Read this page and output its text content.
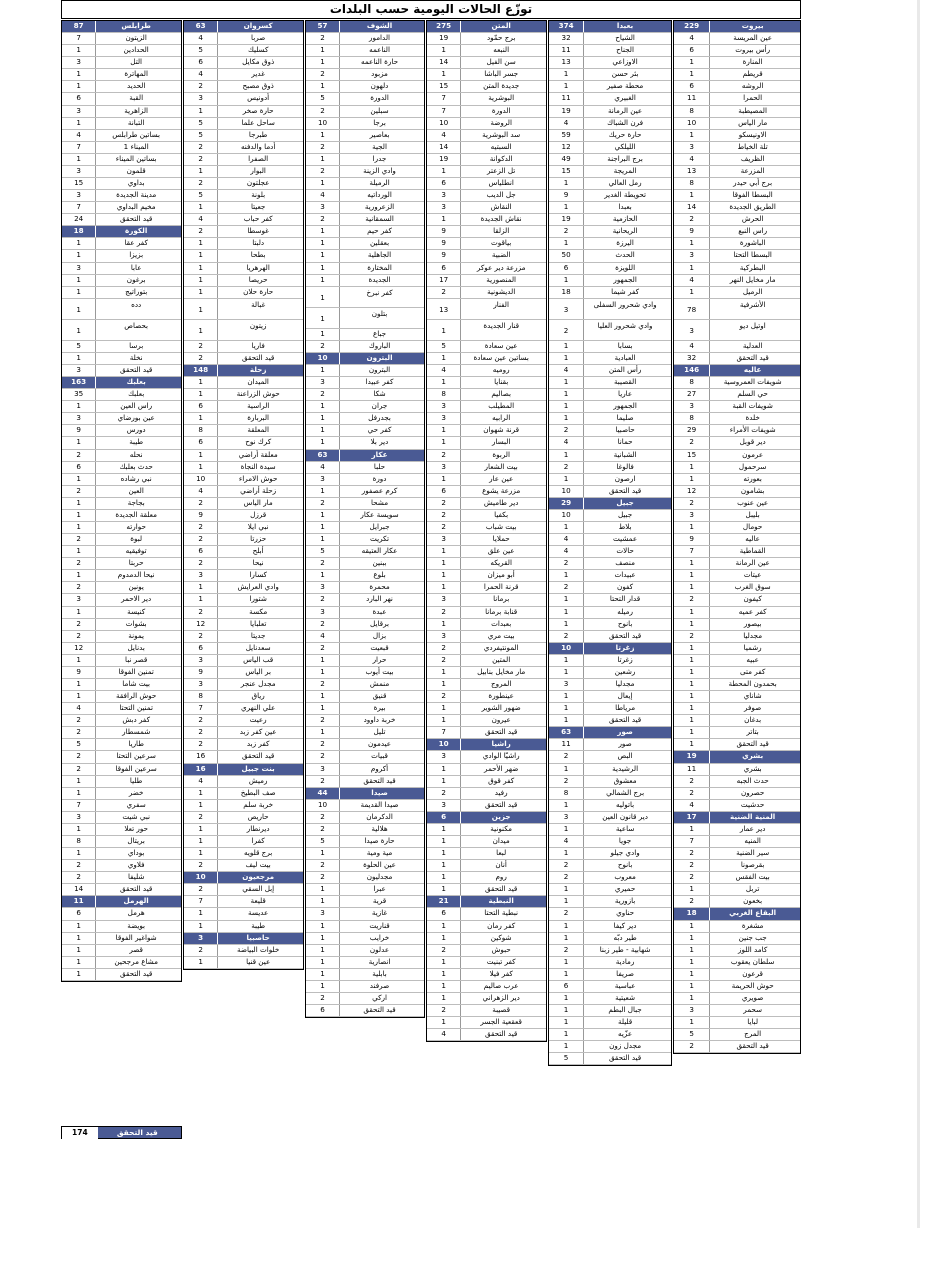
توزّع الحالات اليومية حسب البلدات
بيروت
229
عين المريسة
4
رأس بيروت
6
المنارة
1
قريطم
1
الروشه
6
الحمرا
11
المصيطبة
8
مار الياس
10
الاونيسكو
1
تلة الخياط
3
الظريف
4
المزرعة
13
برج أبي حيدر
8
البسطا الفوقا
1
الطريق الجديدة
14
الحرش
2
راس النبع
9
الباشورة
1
البسطا التحتا
3
البطركية
1
مار مخايل النهر
4
الرميل
1
الأشرفية
78
اوتيل ديو
3
العدلية
4
قيد التحقق
32
عاليه
146
شويفات العمروسية
8
حي السلم
27
شويفات القبة
3
خلدة
8
شويفات الأمراء
29
دير قوبل
2
عرمون
15
سرحمول
1
بعورته
1
بشامون
12
عين عنوب
2
بليبل
3
حومال
1
عاليه
9
القماطية
7
عين الرمانة
1
عيتات
1
سوق الغرب
1
كيفون
2
كفر عميه
1
بيصور
1
مجدليا
2
رشميا
1
عبيه
1
كفر متى
1
بحمدون المحطة
1
شاناي
1
صوفر
1
بدغان
1
بتاتر
1
قيد التحقق
1
بشري
19
بشري
11
حدث الجبه
2
حصرون
2
حدشيت
4
المنية الضنية
17
دير عمار
1
المنيه
7
سير الضنية
2
بقرصونا
2
بيت الفقس
2
تربل
1
بخعون
2
البقاع الغربي
18
مشغرة
1
جب جنين
1
كامد اللوز
1
سلطان يعقوب
1
قرعون
1
حوش الحريمة
1
صويري
1
سحمر
3
لبايا
1
المرج
5
قيد التحقق
2
بعبدا
374
الشياح
32
الجناح
11
الاوزاعي
13
بئر حسن
1
محطة صفير
1
الغبيري
11
عين الرمانة
19
فرن الشباك
4
حارة حريك
59
الليلكي
12
برج البراجنة
49
المريجة
15
رمل العالي
1
تحويطة الغدير
9
بعبدا
1
الحازمية
19
الريحانية
2
اليرزة
1
الحدث
50
اللويزة
6
الجمهور
1
كفر شيما
18
وادي شحرور السفلى
3
وادي شحرور العليا
2
بسابا
1
العبادية
1
رأس المتن
4
القصيبة
1
عاريا
1
الجمهور
1
صليما
1
حاصبيا
2
حمانا
4
الشبانية
1
فالوغا
2
ارصون
1
قيد التحقق
10
جبيل
29
جبيل
10
بلاط
1
عمشيت
4
حالات
4
منصف
2
عبيدات
1
كفون
2
قدار التحتا
1
رميله
1
بانوح
1
قيد التحقق
2
زغرتا
10
زغرتا
1
رشعين
1
مجدليا
3
إيعال
1
مرياطا
1
قيد التحقق
1
صور
63
صور
11
البص
2
الرشيدية
1
معشوق
2
برج الشمالي
8
باتوليه
1
دير قانون العين
3
ساعية
1
جويا
4
وادي جيلو
1
بانوح
2
معروب
2
حميري
1
بازورية
1
حناوي
2
دير كيفا
1
طير دبّه
1
شهابية - طير زبنا
2
رمادية
1
صريفا
1
عباسية
6
شعيتية
1
جبال البطم
1
قليلة
1
عزّيه
1
مجدل زون
1
قيد التحقق
5
المتن
275
برج حمّود
19
النبعه
1
سن الفيل
14
جسر الباشا
1
جديدة المتن
15
البوشرية
7
الدورة
7
الروضة
10
سد البوشرية
4
السبتيه
14
الدكوانة
19
تل الزعتر
1
انطلياس
6
جل الديب
3
النقاش
3
نقاش الجديدة
1
الزلقا
9
بياقوت
9
الضبية
9
مزرعة دير عوكر
6
المنصورية
17
الديشونية
2
الفنار
13
قنار الجديدة
1
عين سعادة
5
بساتين عين سعادة
1
روميه
4
بقنايا
1
بصاليم
8
المطيلب
3
الرابيه
3
قرنة شهوان
1
البسار
1
الربوة
2
بيت الشعار
3
عين عار
1
مزرعة يشوع
6
دير طاميش
2
بكفيا
2
بيت شباب
2
حملايا
3
عين علق
1
القريكه
1
أبو ميزان
1
قرنة الحمرا
1
برمانا
3
قنابة برمانا
2
بعبدات
1
بيت مري
3
المونتيفردي
2
المتين
2
مار مخايل بنابيل
1
المروج
1
عينطورة
2
ضهور الشوير
1
عيرون
1
قيد التحقق
7
راشيا
10
راشيّا الوادي
3
ضهر الأحمر
1
كفر قوق
1
رفيد
2
قيد التحقق
3
جزين
6
مكنونية
1
ميدان
1
لبعا
1
أنان
1
روم
1
قيد التحقق
1
النبطية
21
نبطية التحتا
6
كفر رمان
1
شوكين
1
حبوش
2
كفر تبنيت
1
كفر فيلا
1
عرب صاليم
1
دير الزهراني
1
قصيبة
2
قعقعية الجسر
1
قيد التحقق
4
الشوف
57
الدامور
2
الناعمه
1
حارة الناعمه
1
مزبود
2
دلهون
1
الدورة
5
سبلين
2
برجا
10
بعاصير
1
الجية
2
جدرا
1
وادي الزينة
2
الرميلة
1
الورداتيه
4
الزعرورية
3
السمقانية
2
كفر حيم
1
بعقلين
1
الجاهلية
1
المختارة
1
الجديدة
1
كفر نبرخ
1
بتلون
1
جباع
1
الباروك
2
البترون
10
البترون
1
كفر عبيدا
3
شكا
2
جران
1
بجدرفل
1
كفر حي
1
دير بلا
1
عكار
63
حلبا
4
دورة
3
كرم عصفور
1
مشحا
2
سويسة عكار
1
جبرايل
1
تكريت
1
عكار العتيقه
5
ببنين
2
بلوع
1
محمرة
3
نهر البارد
2
عبدة
3
برقايل
2
بزال
4
قبعيت
2
حرار
1
بيت أيوب
1
منمش
2
قنيق
1
بيرة
1
خربة داوود
2
تليل
1
عيدمون
2
قبيات
2
أكروم
3
قيد التحقق
2
صيدا
44
صيدا القديمة
10
الدكرمان
2
هلالية
2
حارة صيدا
5
مية ومية
1
عين الحلوة
2
مجدليون
2
عبرا
1
قرية
1
غازية
3
قناريت
1
خرايب
1
عدلون
1
انصارية
1
بابلية
1
صرفند
1
اركي
2
قيد التحقق
6
كسروان
63
صربا
4
كسليك
5
ذوق مكايل
6
غدير
4
ذوق مصبح
2
أدونيس
3
حارة صخر
1
ساحل علما
5
طبرجا
5
أدما والدفنه
2
الصفرا
2
البوار
1
عجلتون
2
بلونة
5
جعيتا
1
كفر حباب
4
غوسطا
2
دلبتا
1
بطحا
1
الهرهريا
1
حريصا
1
حارة حلان
1
غبالة
1
زيتون
1
فاريا
2
قيد التحقق
2
زحلة
148
الميدان
1
حوش الزراعنة
1
الراسية
6
البربارة
1
المعلقة
8
كرك نوح
6
معلقة أراضي
1
سيدة النجاة
1
حوش الامراء
10
زحلة أراضي
4
مار الياس
2
قرزل
9
نبي ايلا
2
حزرتا
2
أبلح
6
نيحا
2
كسارا
3
وادي العرايش
1
شتورا
1
مكسة
2
تعلبايا
12
جديتا
2
سعدنايل
6
قب الياس
3
بر الياس
9
مجدل عنجر
3
رياق
8
علي النهري
7
رعيت
2
عين كفر زبد
2
كفر زبد
2
قيد التحقق
16
بنت جبيل
16
رميش
4
صف البطيخ
1
خربة سلم
1
حاريص
2
ديرنطار
1
كفرا
1
برج قلويه
1
بيت ليف
2
مرجعيون
10
إبل السقي
2
قليعة
7
عديسة
1
طيبة
1
حاصبيا
3
خلوات البياضة
2
عين قنيا
1
طرابلس
87
الزيتون
7
الحدادين
1
التل
3
المهاترة
1
الحديد
1
القبة
6
الزاهرية
3
التبانة
1
بساتين طرابلس
4
الميناء 1
7
بساتين الميناء
1
قلمون
3
بداوي
15
مدينة الجديدة
3
مخيم البداوي
7
قيد التحقق
24
الكورة
18
كفر عقا
1
بزيزا
1
عابا
3
برغون
1
بتوراتيج
1
دده
1
بحصاص
1
برسا
5
نخلة
1
قيد التحقق
3
بعلبك
163
بعلبك
35
راس العين
1
عين بورضاي
3
دورس
9
طيبة
1
نحله
2
حدث بعلبك
6
نبي رشاده
1
العين
2
بجاجة
1
معلقة الجديدة
1
حوارته
1
لبوة
2
توفيقيه
1
حربتا
2
نيحا الدمدوم
1
يونين
2
دير الاحمر
3
كنيسة
1
بشوات
2
يمونة
2
بدنايل
12
قصر نبا
1
تمنين الفوقا
9
بيت شاما
1
حوش الرافقة
1
تمنين التحتا
4
كفر دبش
2
شمسطار
2
طاريا
5
سرعين التحتا
2
سرعين الفوقا
2
طليا
1
خضر
1
سفري
7
نبي شيت
3
حور تعلا
1
بريتال
8
بوداي
1
فلاوي
2
شليفا
2
قيد التحقق
14
الهرمل
11
هرمل
6
بويضة
1
شواغير الفوقا
1
قصر
1
مشاع مرجحين
1
قيد التحقق
1
قيد التحقق
174
